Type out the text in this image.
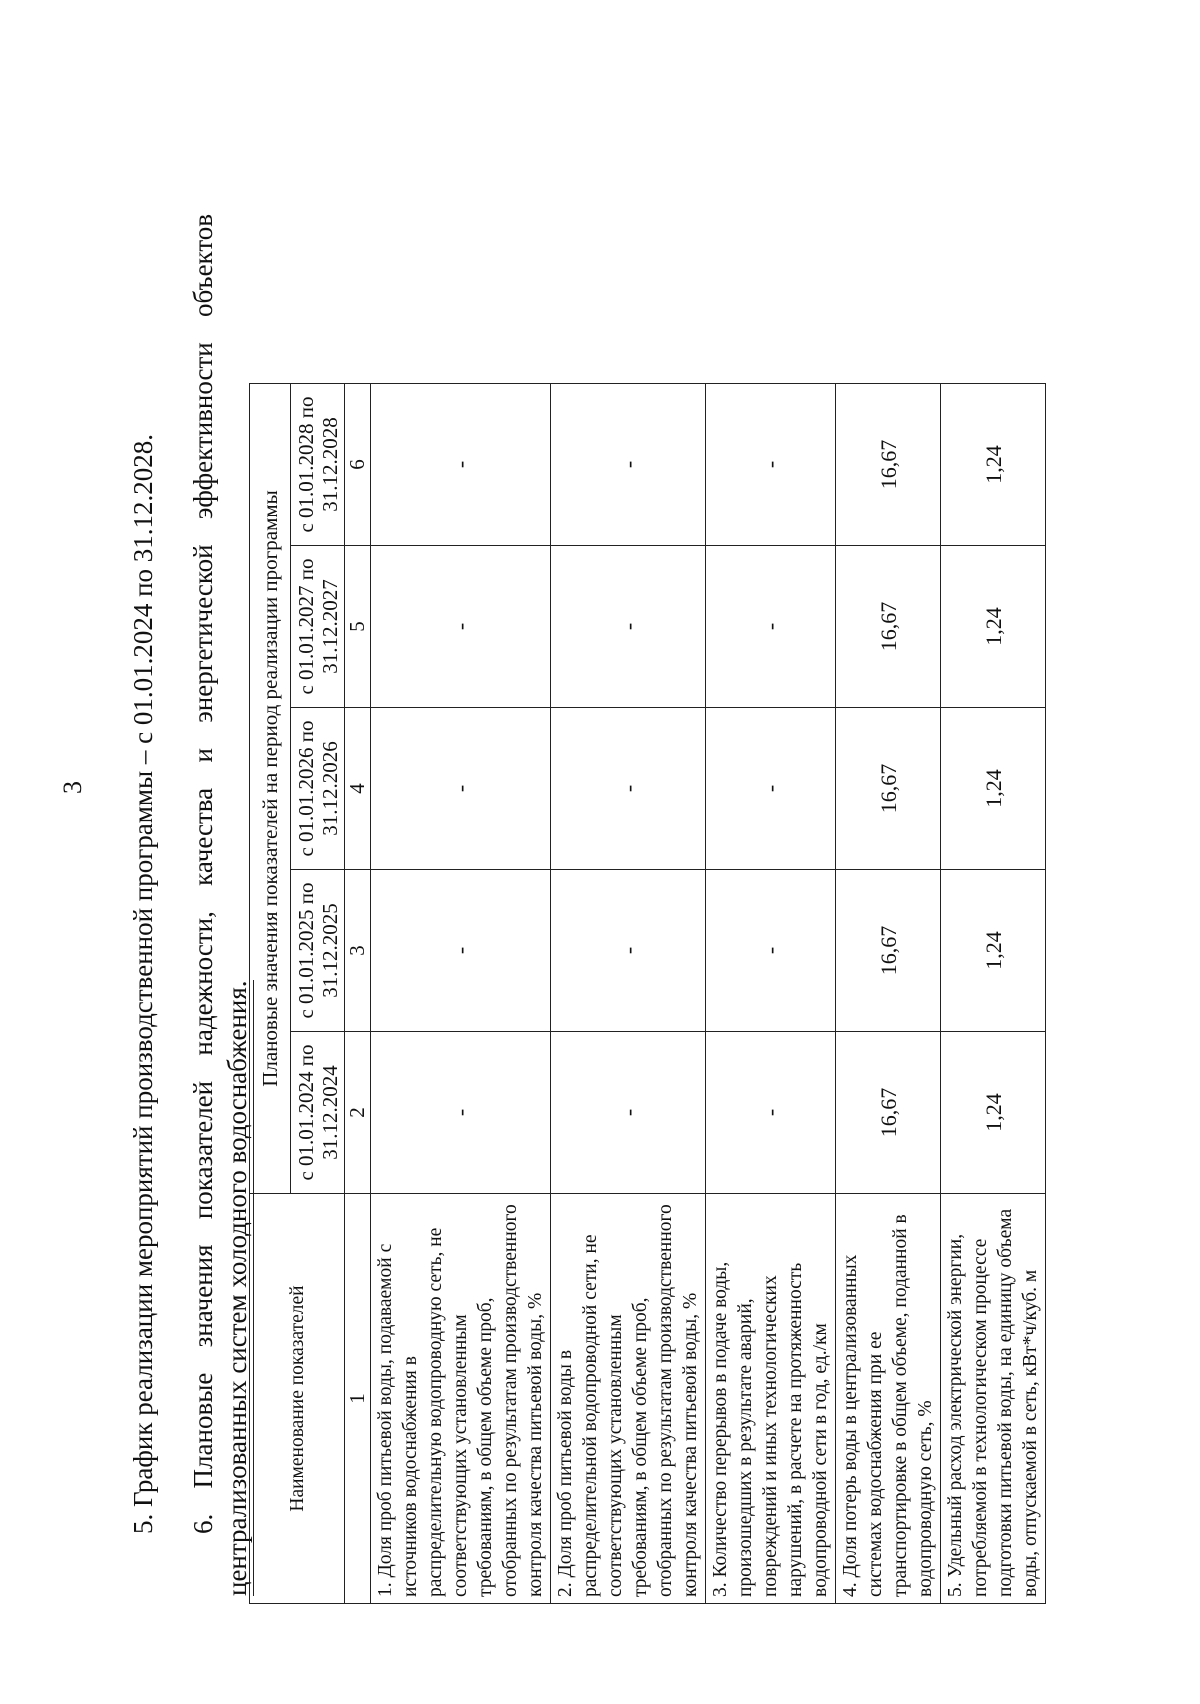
3 5. График реализации мероприятий производственной программы – с 01.01.2024 по 31.12.2028. 6. Плановые значения показателей надежности, качества и энергетической эффективности объектов
централизованных систем холодного водоснабжения. Наименование показателей	Плановые значения показателей на период реализации программы				
	с 01.01.2024 по 31.12.2024	с 01.01.2025 по 31.12.2025	с 01.01.2026 по 31.12.2026	с 01.01.2027 по 31.12.2027	с 01.01.2028 по 31.12.2028
1	2	3	4	5	6
1. Доля проб питьевой воды, подаваемой с источников водоснабжения в распределительную водопроводную сеть, не соответствующих установленным требованиям, в общем объеме проб, отобранных по результатам производственного контроля качества питьевой воды, %	-	-	-	-	-
2. Доля проб питьевой воды в распределительной водопроводной сети, не соответствующих установленным требованиям, в общем объеме проб, отобранных по результатам производственного контроля качества питьевой воды, %	-	-	-	-	-
3. Количество перерывов в подаче воды, произошедших в результате аварий, повреждений и иных технологических нарушений, в расчете на протяженность водопроводной сети в год, ед./км	-	-	-	-	-
4. Доля потерь воды в централизованных системах водоснабжения при ее транспортировке в общем объеме, поданной в водопроводную сеть, %	16,67	16,67	16,67	16,67	16,67
5. Удельный расход электрической энергии, потребляемой в технологическом процессе подготовки питьевой воды, на единицу объема воды, отпускаемой в сеть, кВт*ч/куб. м	1,24	1,24	1,24	1,24	1,24
